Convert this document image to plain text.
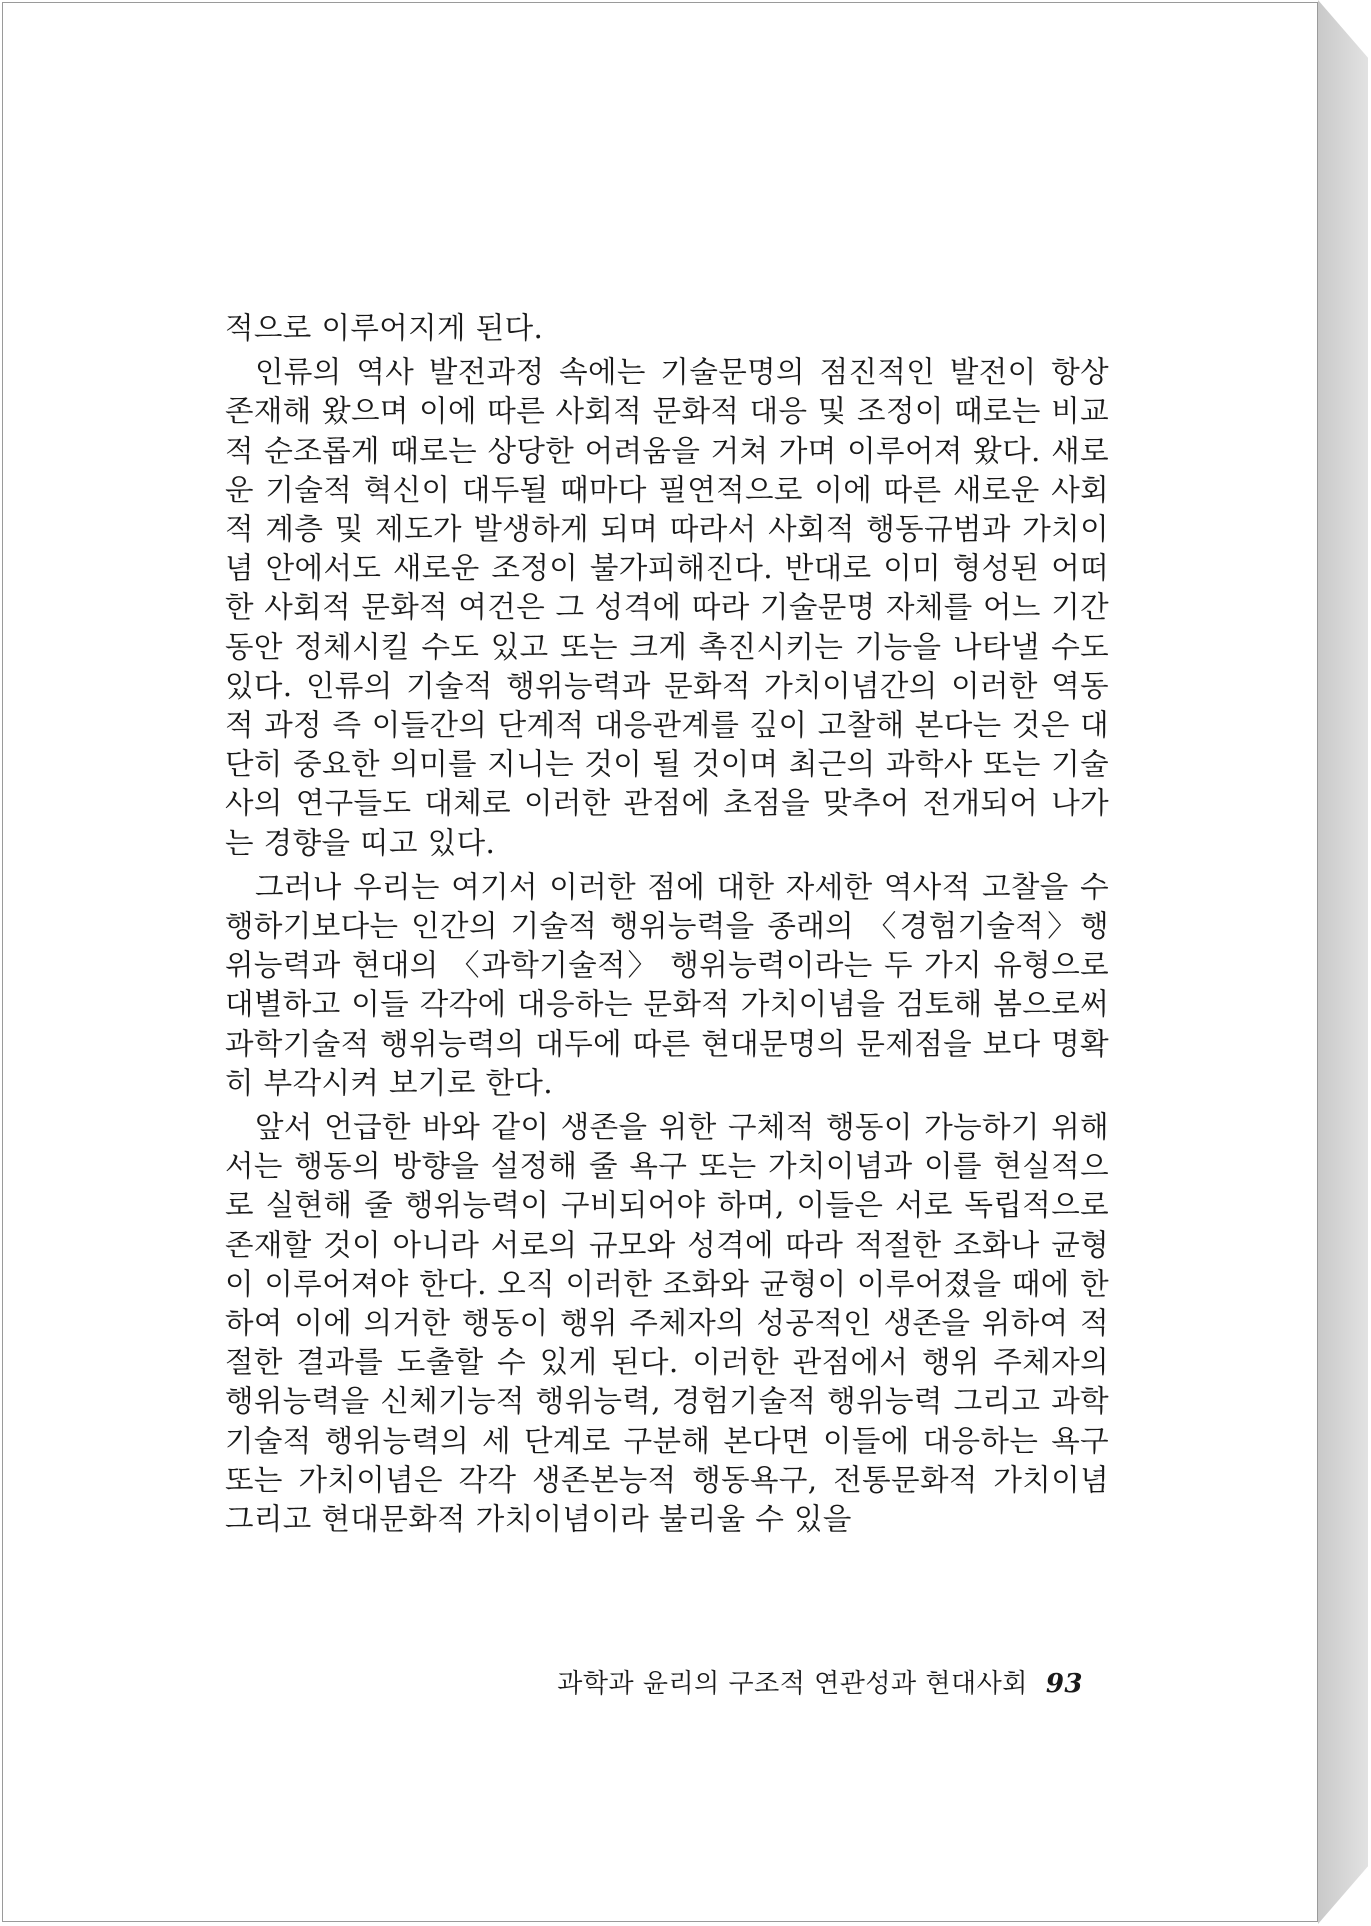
적으로 이루어지게 된다.

인류의 역사 발전과정 속에는 기술문명의 점진적인 발전이 항상 존재해 왔으며 이에 따른 사회적 문화적 대응 및 조정이 때로는 비교적 순조롭게 때로는 상당한 어려움을 거쳐 가며 이루어져 왔다. 새로운 기술적 혁신이 대두될 때마다 필연적으로 이에 따른 새로운 사회적 계층 및 제도가 발생하게 되며 따라서 사회적 행동규범과 가치이념 안에서도 새로운 조정이 불가피해진다. 반대로 이미 형성된 어떠한 사회적 문화적 여건은 그 성격에 따라 기술문명 자체를 어느 기간 동안 정체시킬 수도 있고 또는 크게 촉진시키는 기능을 나타낼 수도 있다. 인류의 기술적 행위능력과 문화적 가치이념간의 이러한 역동적 과정 즉 이들간의 단계적 대응관계를 깊이 고찰해 본다는 것은 대단히 중요한 의미를 지니는 것이 될 것이며 최근의 과학사 또는 기술사의 연구들도 대체로 이러한 관점에 초점을 맞추어 전개되어 나가는 경향을 띠고 있다.

그러나 우리는 여기서 이러한 점에 대한 자세한 역사적 고찰을 수행하기보다는 인간의 기술적 행위능력을 종래의 〈경험기술적〉행위능력과 현대의 〈과학기술적〉 행위능력이라는 두 가지 유형으로 대별하고 이들 각각에 대응하는 문화적 가치이념을 검토해 봄으로써 과학기술적 행위능력의 대두에 따른 현대문명의 문제점을 보다 명확히 부각시켜 보기로 한다.

앞서 언급한 바와 같이 생존을 위한 구체적 행동이 가능하기 위해서는 행동의 방향을 설정해 줄 욕구 또는 가치이념과 이를 현실적으로 실현해 줄 행위능력이 구비되어야 하며, 이들은 서로 독립적으로 존재할 것이 아니라 서로의 규모와 성격에 따라 적절한 조화나 균형이 이루어져야 한다. 오직 이러한 조화와 균형이 이루어졌을 때에 한하여 이에 의거한 행동이 행위 주체자의 성공적인 생존을 위하여 적절한 결과를 도출할 수 있게 된다. 이러한 관점에서 행위 주체자의 행위능력을 신체기능적 행위능력, 경험기술적 행위능력 그리고 과학기술적 행위능력의 세 단계로 구분해 본다면 이들에 대응하는 욕구 또는 가치이념은 각각 생존본능적 행동욕구, 전통문화적 가치이념 그리고 현대문화적 가치이념이라 불리울 수 있을

과학과 윤리의 구조적 연관성과 현대사회 93
